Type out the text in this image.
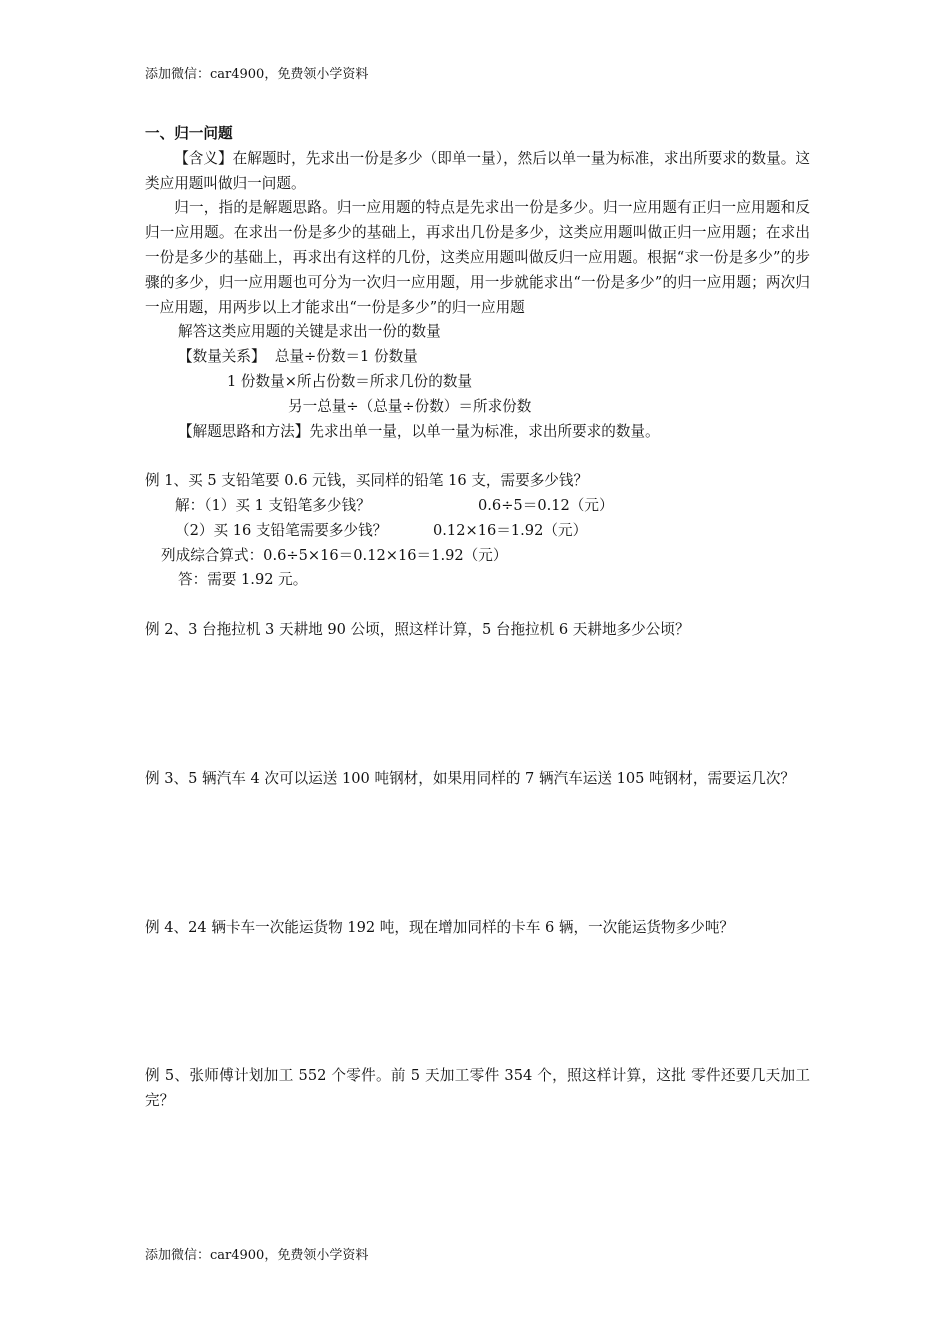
添加微信：car4900，免费领小学资料

一、归一问题

【含义】在解题时，先求出一份是多少（即单一量），然后以单一量为标准，求出所要求的数量。这类应用题叫做归一问题。

归一，指的是解题思路。归一应用题的特点是先求出一份是多少。归一应用题有正归一应用题和反归一应用题。在求出一份是多少的基础上，再求出几份是多少，这类应用题叫做正归一应用题；在求出一份是多少的基础上，再求出有这样的几份，这类应用题叫做反归一应用题。根据“求一份是多少”的步骤的多少，归一应用题也可分为一次归一应用题，用一步就能求出“一份是多少”的归一应用题；两次归一应用题，用两步以上才能求出“一份是多少”的归一应用题

解答这类应用题的关键是求出一份的数量

【数量关系】 总量÷份数＝1 份数量

1 份数量×所占份数＝所求几份的数量

另一总量÷（总量÷份数）＝所求份数

【解题思路和方法】先求出单一量，以单一量为标准，求出所要求的数量。

例 1、买 5 支铅笔要 0.6 元钱，买同样的铅笔 16 支，需要多少钱？

解：（1）买 1 支铅笔多少钱？	0.6÷5＝0.12（元）

（2）买 16 支铅笔需要多少钱？	0.12×16＝1.92（元）

列成综合算式：0.6÷5×16＝0.12×16＝1.92（元）

答：需要 1.92 元。

例 2、3 台拖拉机 3 天耕地 90 公顷，照这样计算，5 台拖拉机 6 天耕地多少公顷？

例 3、5 辆汽车 4 次可以运送 100 吨钢材，如果用同样的 7 辆汽车运送 105 吨钢材，需要运几次？

例 4、24 辆卡车一次能运货物 192 吨，现在增加同样的卡车 6 辆，一次能运货物多少吨？

例 5、张师傅计划加工 552 个零件。前 5 天加工零件 354 个，照这样计算，这批 零件还要几天加工完？

添加微信：car4900，免费领小学资料
